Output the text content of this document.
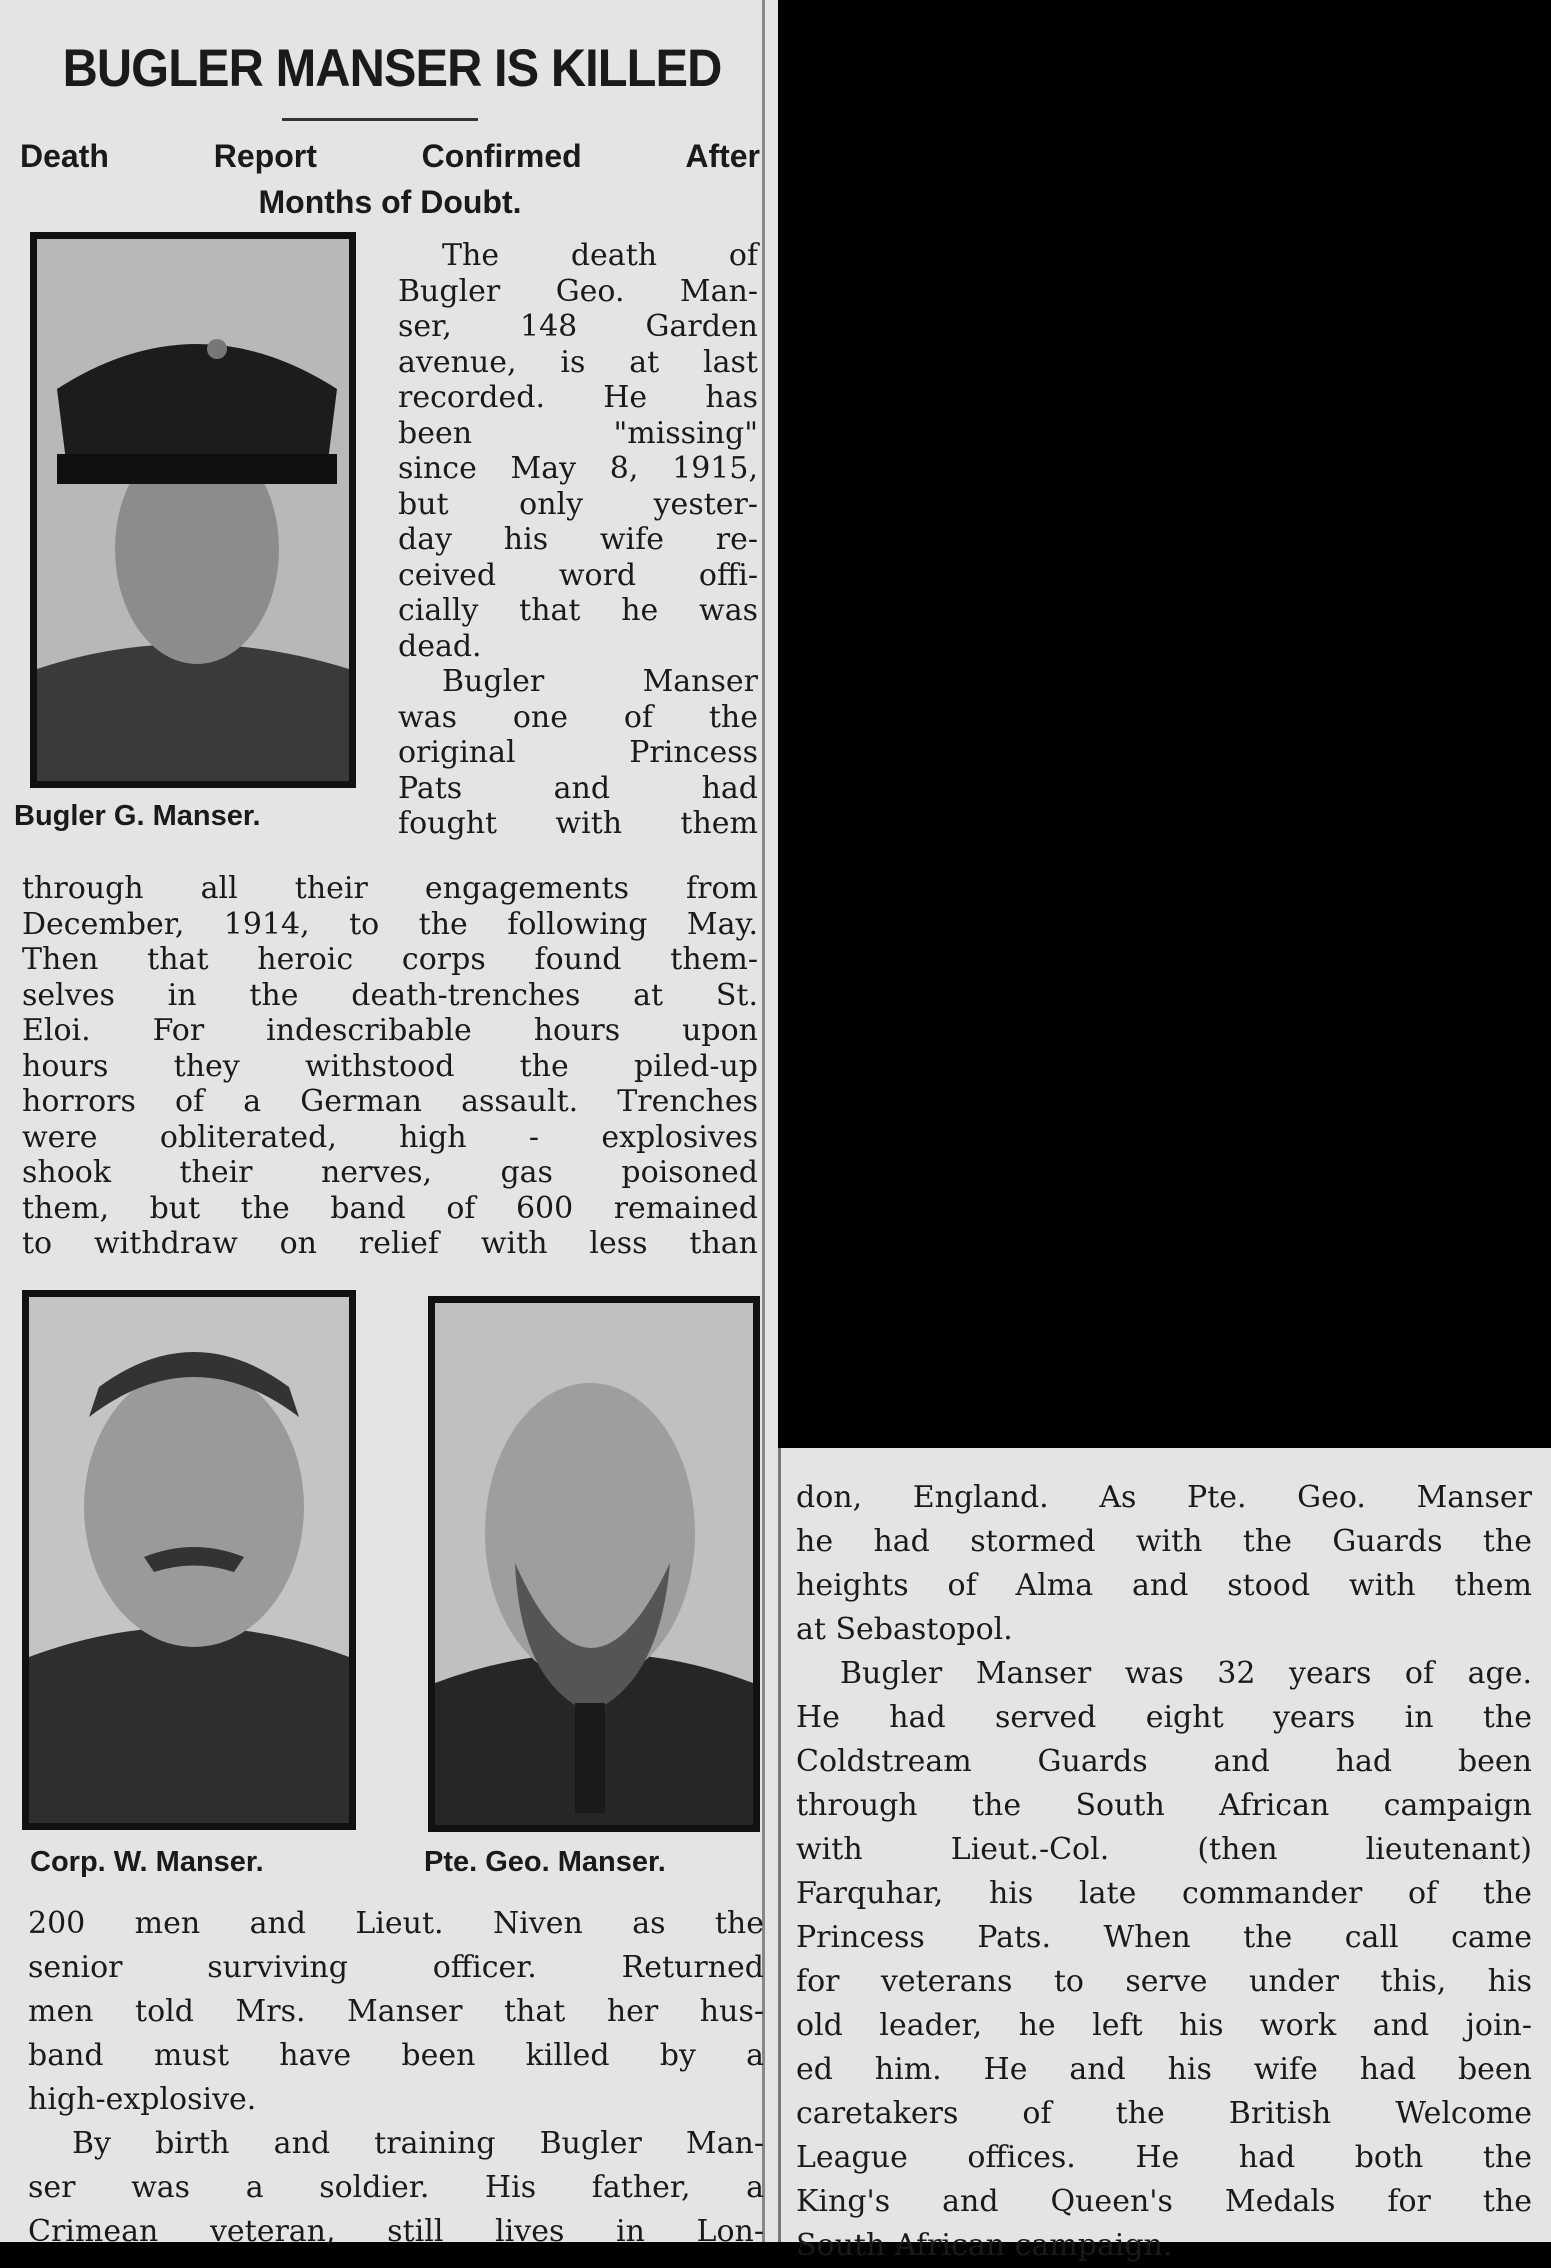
BUGLER MANSER IS KILLED
Death Report Confirmed After
Months of Doubt.
Bugler G. Manser.
The death of
Bugler Geo. Man-
ser, 148 Garden
avenue, is at last
recorded. He has
been "missing"
since May 8, 1915,
but only yester-
day his wife re-
ceived word offi-
cially that he was
dead.
Bugler Manser
was one of the
original Princess
Pats and had
fought with them
through all their engagements from
December, 1914, to the following May.
Then that heroic corps found them-
selves in the death-trenches at St.
Eloi. For indescribable hours upon
hours they withstood the piled-up
horrors of a German assault. Trenches
were obliterated, high - explosives
shook their nerves, gas poisoned
them, but the band of 600 remained
to withdraw on relief with less than
Corp. W. Manser.	Pte. Geo. Manser.
200 men and Lieut. Niven as the
senior surviving officer. Returned
men told Mrs. Manser that her hus-
band must have been killed by a
high-explosive.
By birth and training Bugler Man-
ser was a soldier. His father, a
Crimean veteran, still lives in Lon-
don, England. As Pte. Geo. Manser
he had stormed with the Guards the
heights of Alma and stood with them
at Sebastopol.
Bugler Manser was 32 years of age.
He had served eight years in the
Coldstream Guards and had been
through the South African campaign
with Lieut.-Col. (then lieutenant)
Farquhar, his late commander of the
Princess Pats. When the call came
for veterans to serve under this, his
old leader, he left his work and join-
ed him. He and his wife had been
caretakers of the British Welcome
League offices. He had both the
King's and Queen's Medals for the
South African campaign.
